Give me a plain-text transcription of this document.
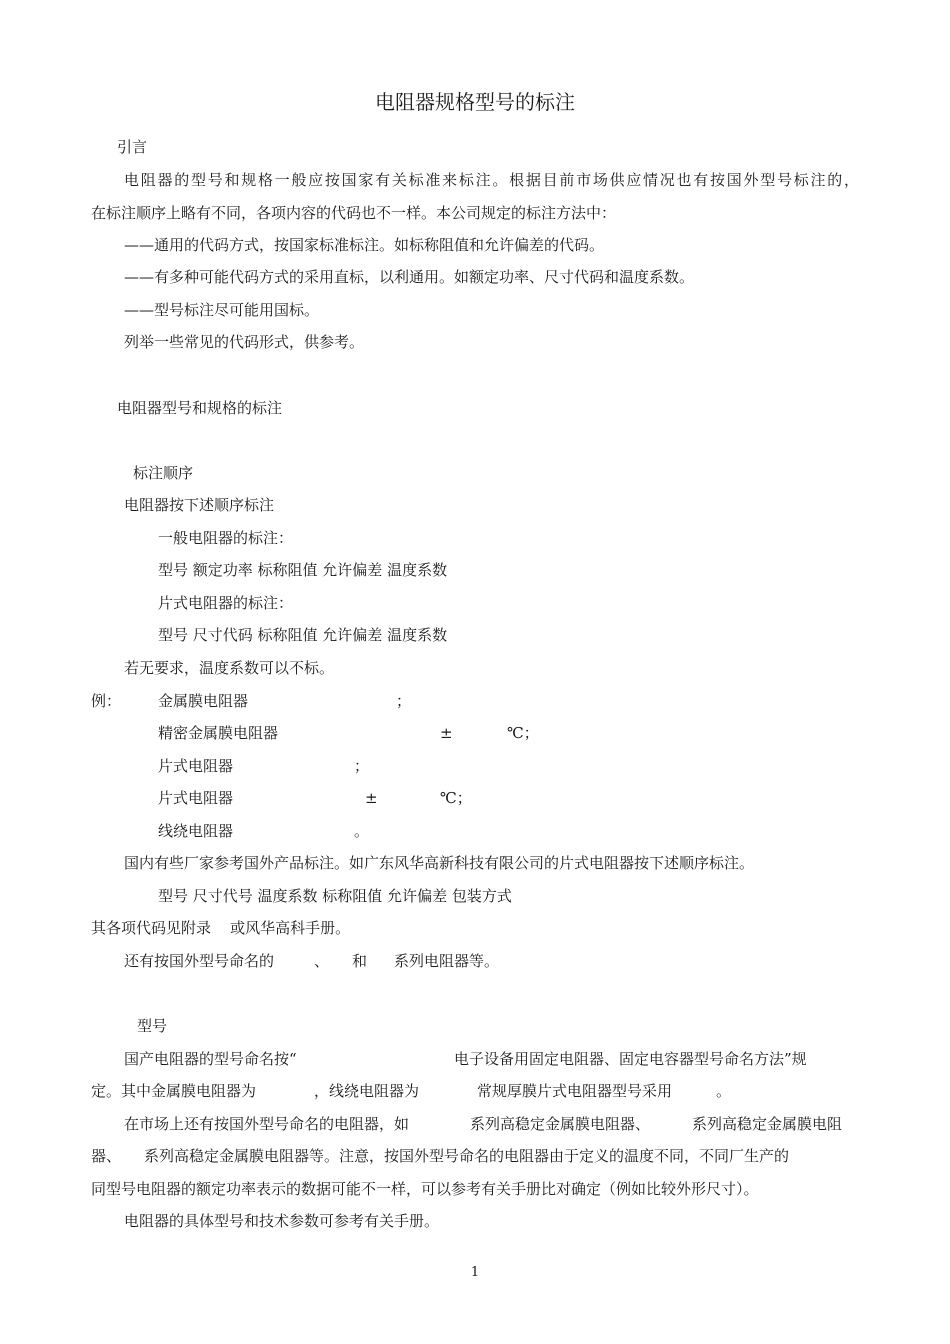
电阻器规格型号的标注
引言
电阻器的型号和规格一般应按国家有关标准来标注。根据目前市场供应情况也有按国外型号标注的，
在标注顺序上略有不同，各项内容的代码也不一样。本公司规定的标注方法中：
——通用的代码方式，按国家标准标注。如标称阻值和允许偏差的代码。
——有多种可能代码方式的采用直标，以利通用。如额定功率、尺寸代码和温度系数。
——型号标注尽可能用国标。
列举一些常见的代码形式，供参考。
电阻器型号和规格的标注
标注顺序
电阻器按下述顺序标注
一般电阻器的标注：
型号 额定功率 标称阻值 允许偏差 温度系数
片式电阻器的标注：
型号 尺寸代码 标称阻值 允许偏差 温度系数
若无要求，温度系数可以不标。
例： 金属膜电阻器	；
精密金属膜电阻器	±	℃；
片式电阻器	；
片式电阻器	±	℃；
线绕电阻器	。
国内有些厂家参考国外产品标注。如广东风华高新科技有限公司的片式电阻器按下述顺序标注。
型号 尺寸代号 温度系数 标称阻值 允许偏差 包装方式
其各项代码见附录    或风华高科手册。
还有按国外型号命名的	、 和 系列电阻器等。
型号
国产电阻器的型号命名按“	电子设备用固定电阻器、固定电容器型号命名方法”规
定。其中金属膜电阻器为	，线绕电阻器为	常规厚膜片式电阻器型号采用	。
在市场上还有按国外型号命名的电阻器，如	系列高稳定金属膜电阻器、	系列高稳定金属膜电阻
器、 系列高稳定金属膜电阻器等。注意，按国外型号命名的电阻器由于定义的温度不同，不同厂生产的
同型号电阻器的额定功率表示的数据可能不一样，可以参考有关手册比对确定（例如比较外形尺寸）。
电阻器的具体型号和技术参数可参考有关手册。
1
